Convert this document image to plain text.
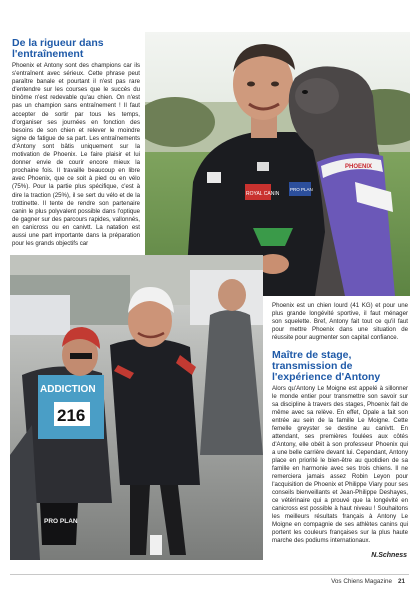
De la rigueur dans l'entraînement

Phoenix et Antony sont des champions car ils s'entraînent avec sérieux. Cette phrase peut paraître banale et pourtant il n'est pas rare d'entendre sur les courses que le succès du binôme n'est redevable qu'au chien. On n'est pas un champion sans entraînement ! Il faut accepter de sortir par tous les temps, d'organiser ses journées en fonction des besoins de son chien et relever le moindre signe de fatigue de sa part. Les entraînements d'Antony sont bâtis uniquement sur la motivation de Phoenix. Le faire plaisir et lui donner envie de courir encore mieux la prochaine fois. Il travaille beaucoup en libre avec Phoenix, que ce soit à pied ou en vélo (75%). Pour la partie plus spécifique, c'est à dire la traction (25%), il se sert du vélo et de la trottinette. Il tente de rendre son partenaire canin le plus polyvalent possible dans l'optique de gagner sur des parcours rapides, vallonnés, en canicross ou en canivtt. La natation est aussi une part importante dans la préparation pour les grands objectifs car

ROYAL CANIN
PRO PLAN
PHOENIX
ADDICTION
216
PRO PLAN

Phoenix est un chien lourd (41 KG) et pour une plus grande longévité sportive, il faut ménager son squelette. Bref, Antony fait tout ce qu'il faut pour mettre Phoenix dans une situation de réussite pour augmenter son capital confiance.

Maître de stage, transmission de l'expérience d'Antony

Alors qu'Antony Le Moigne est appelé à sillonner le monde entier pour transmettre son savoir sur sa discipline à travers des stages, Phoenix fait de même avec sa relève. En effet, Opale a fait son entrée au sein de la famille Le Moigne. Cette femelle greyster se destine au canivtt. En attendant, ses premières foulées aux côtés d'Antony, elle obéit à son professeur Phoenix qui a une belle carrière devant lui. Cependant, Antony place en priorité le bien-être au quotidien de sa famille en harmonie avec ses trois chiens. Il ne remerciera jamais assez Robin Leyon pour l'acquisition de Phoenix et Philippe Viary pour ses conseils bienveillants et Jean-Philippe Deshayes, ce vétérinaire qui a prouvé que la longévité en canicross est possible à haut niveau ! Souhaitons les meilleurs résultats français à Antony Le Moigne en compagnie de ses athlètes canins qui portent les couleurs françaises sur la plus haute marche des podiums internationaux.

N.Schness
Vos Chiens Magazine 21
